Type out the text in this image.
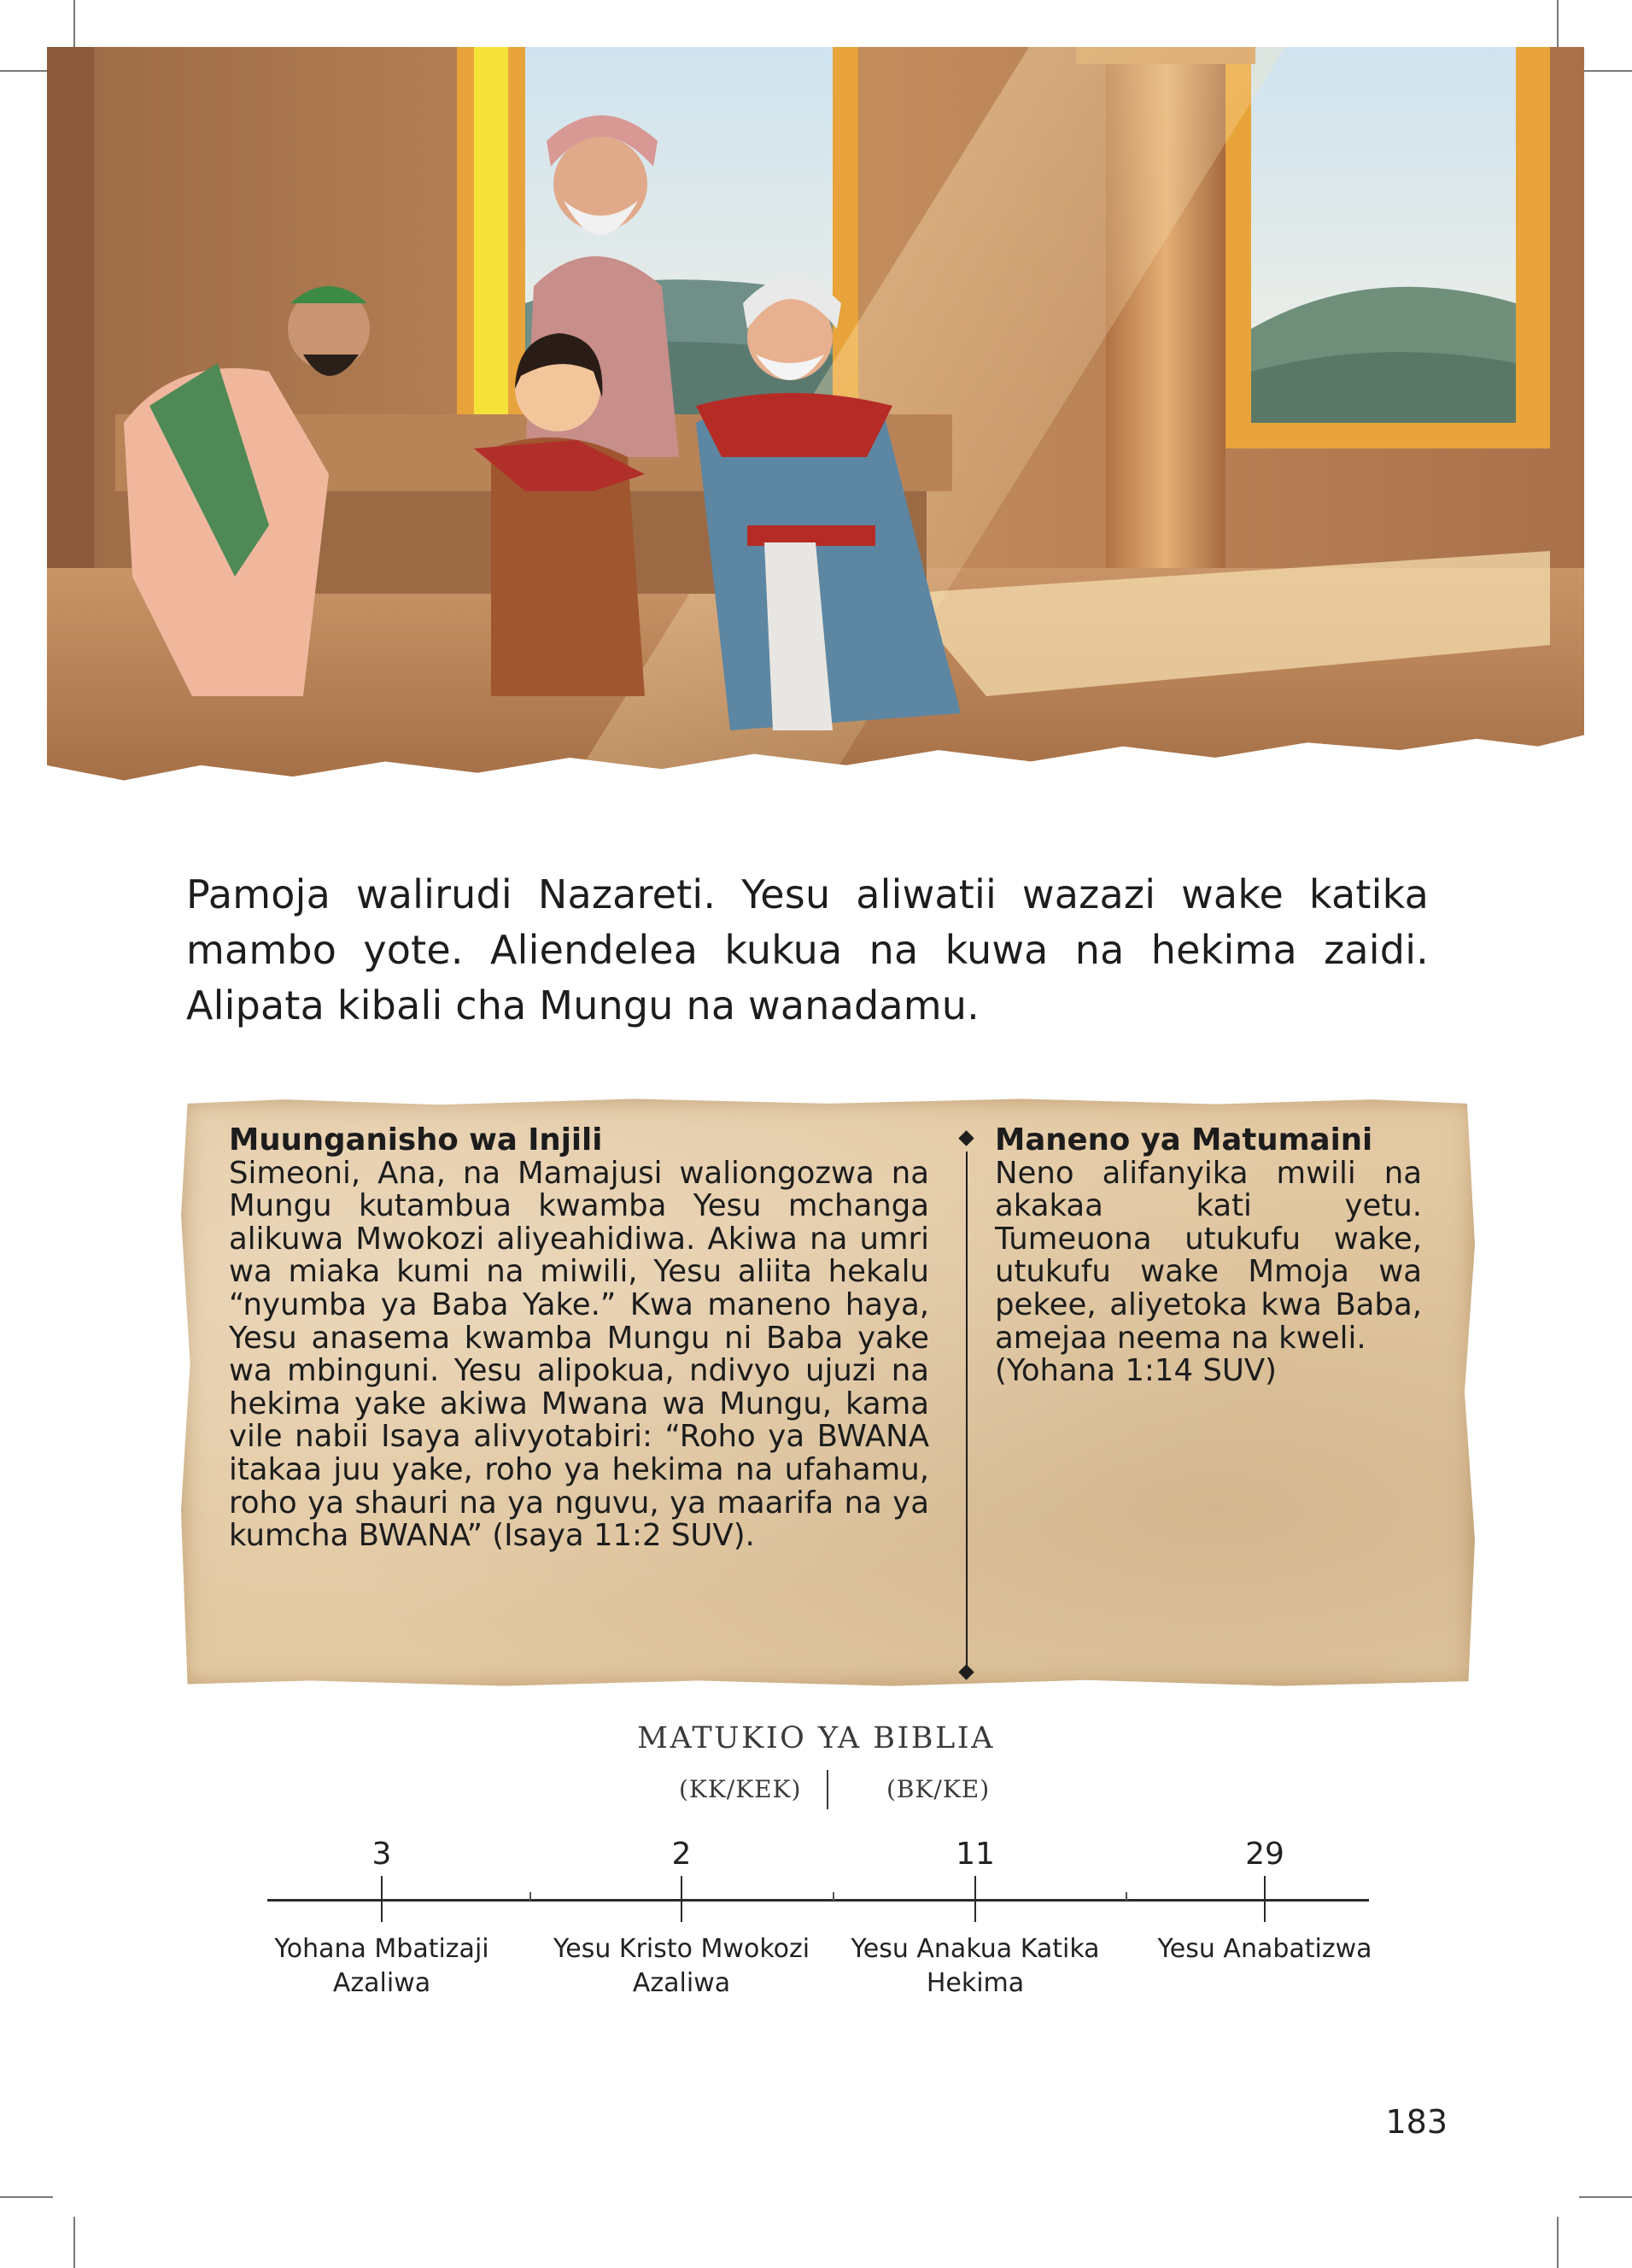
Pamoja walirudi Nazareti. Yesu aliwatii wazazi wake katika mambo yote. Aliendelea kukua na kuwa na hekima zaidi. Alipata kibali cha Mungu na wanadamu.
Muunganisho wa Injili
Simeoni, Ana, na Mamajusi waliongozwa na Mungu kutambua kwamba Yesu mchanga alikuwa Mwokozi aliyeahidiwa. Akiwa na umri wa miaka kumi na miwili, Yesu aliita hekalu “nyumba ya Baba Yake.” Kwa maneno haya, Yesu anasema kwamba Mungu ni Baba yake wa mbinguni. Yesu alipokua, ndivyo ujuzi na hekima yake akiwa Mwana wa Mungu, kama vile nabii Isaya alivyotabiri: “Roho ya BWANA itakaa juu yake, roho ya hekima na ufahamu, roho ya shauri na ya nguvu, ya maarifa na ya kumcha BWANA” (Isaya 11:2 SUV).
Maneno ya Matumaini
Neno alifanyika mwili na akakaa kati yetu. Tumeuona utukufu wake, utukufu wake Mmoja wa pekee, aliyetoka kwa Baba, amejaa neema na kweli.
(Yohana 1:14 SUV)
MATUKIO YA BIBLIA
(KK/KEK)	(BK/KE)
3	2	11	29
Yohana Mbatizaji Azaliwa
Yesu Kristo Mwokozi Azaliwa
Yesu Anakua Katika Hekima
Yesu Anabatizwa
183
